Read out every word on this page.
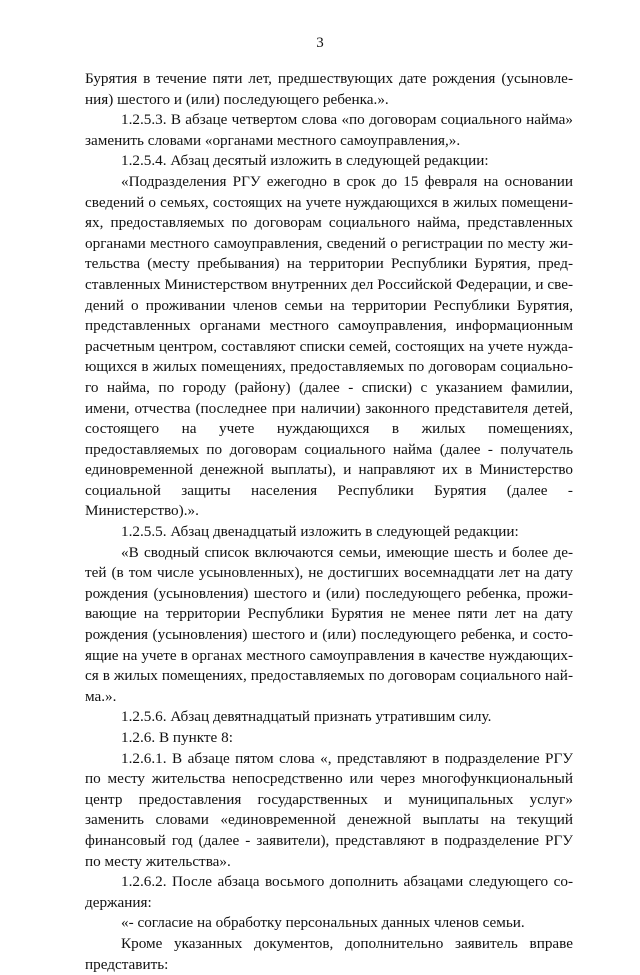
3

Бурятия в течение пяти лет, предшествующих дате рождения (усыновления) шестого и (или) последующего ребенка.».

1.2.5.3. В абзаце четвертом слова «по договорам социального найма» заменить словами «органами местного самоуправления,».

1.2.5.4. Абзац десятый изложить в следующей редакции:

«Подразделения РГУ ежегодно в срок до 15 февраля на основании сведений о семьях, состоящих на учете нуждающихся в жилых помещениях, предоставляемых по договорам социального найма, представленных органами местного самоуправления, сведений о регистрации по месту жительства (месту пребывания) на территории Республики Бурятия, представленных Министерством внутренних дел Российской Федерации, и сведений о проживании членов семьи на территории Республики Бурятия, представленных органами местного самоуправления, информационным расчетным центром, составляют списки семей, состоящих на учете нуждающихся в жилых помещениях, предоставляемых по договорам социального найма, по городу (району) (далее - списки) с указанием фамилии, имени, отчества (последнее при наличии) законного представителя детей, состоящего на учете нуждающихся в жилых помещениях, предоставляемых по договорам социального найма (далее - получатель единовременной денежной выплаты), и направляют их в Министерство социальной защиты населения Республики Бурятия (далее - Министерство).».

1.2.5.5. Абзац двенадцатый изложить в следующей редакции:

«В сводный список включаются семьи, имеющие шесть и более детей (в том числе усыновленных), не достигших восемнадцати лет на дату рождения (усыновления) шестого и (или) последующего ребенка, проживающие на территории Республики Бурятия не менее пяти лет на дату рождения (усыновления) шестого и (или) последующего ребенка, и состоящие на учете в органах местного самоуправления в качестве нуждающихся в жилых помещениях, предоставляемых по договорам социального найма.».

1.2.5.6. Абзац девятнадцатый признать утратившим силу.

1.2.6. В пункте 8:

1.2.6.1. В абзаце пятом слова «, представляют в подразделение РГУ по месту жительства непосредственно или через многофункциональный центр предоставления государственных и муниципальных услуг» заменить словами «единовременной денежной выплаты на текущий финансовый год (далее - заявители), представляют в подразделение РГУ по месту жительства».

1.2.6.2. После абзаца восьмого дополнить абзацами следующего содержания:

«- согласие на обработку персональных данных членов семьи.

Кроме указанных документов, дополнительно заявитель вправе представить:
